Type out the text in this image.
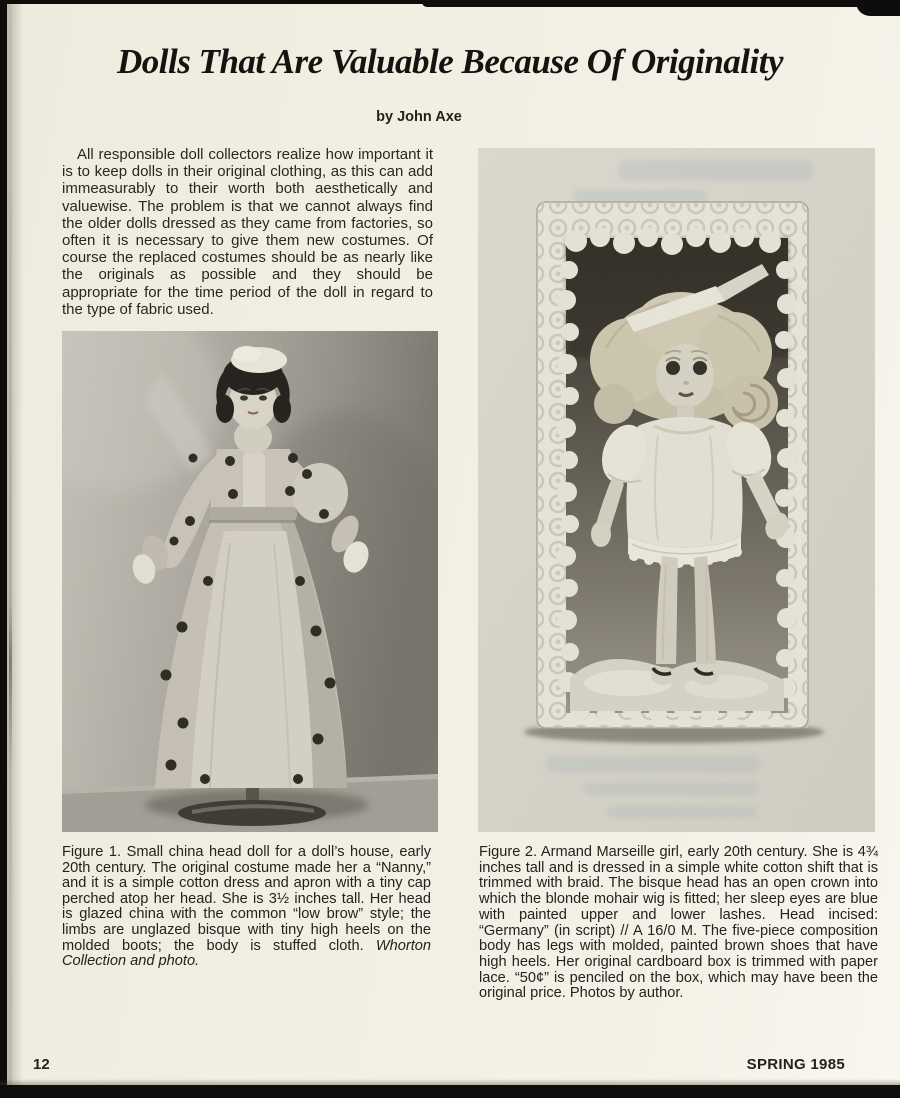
Dolls That Are Valuable Because Of Originality
by John Axe

All responsible doll collectors realize how important it is to keep dolls in their original clothing, as this can add immeasurably to their worth both aesthetically and valuewise. The problem is that we cannot always find the older dolls dressed as they came from factories, so often it is necessary to give them new costumes. Of course the replaced costumes should be as nearly like the originals as possible and they should be appropriate for the time period of the doll in regard to the type of fabric used.

Figure 1. Small china head doll for a doll’s house, early 20th century. The original costume made her a “Nanny,” and it is a simple cotton dress and apron with a tiny cap perched atop her head. She is 3½ inches tall. Her head is glazed china with the common “low brow” style; the limbs are unglazed bisque with tiny high heels on the molded boots; the body is stuffed cloth. Whorton Collection and photo.
Figure 2. Armand Marseille girl, early 20th century. She is 4¾ inches tall and is dressed in a simple white cotton shift that is trimmed with braid. The bisque head has an open crown into which the blonde mohair wig is fitted; her sleep eyes are blue with painted upper and lower lashes. Head incised: “Germany” (in script) // A 16/0 M. The five-piece composition body has legs with molded, painted brown shoes that have high heels. Her original cardboard box is trimmed with paper lace. “50¢” is penciled on the box, which may have been the original price. Photos by author.
12	SPRING 1985
